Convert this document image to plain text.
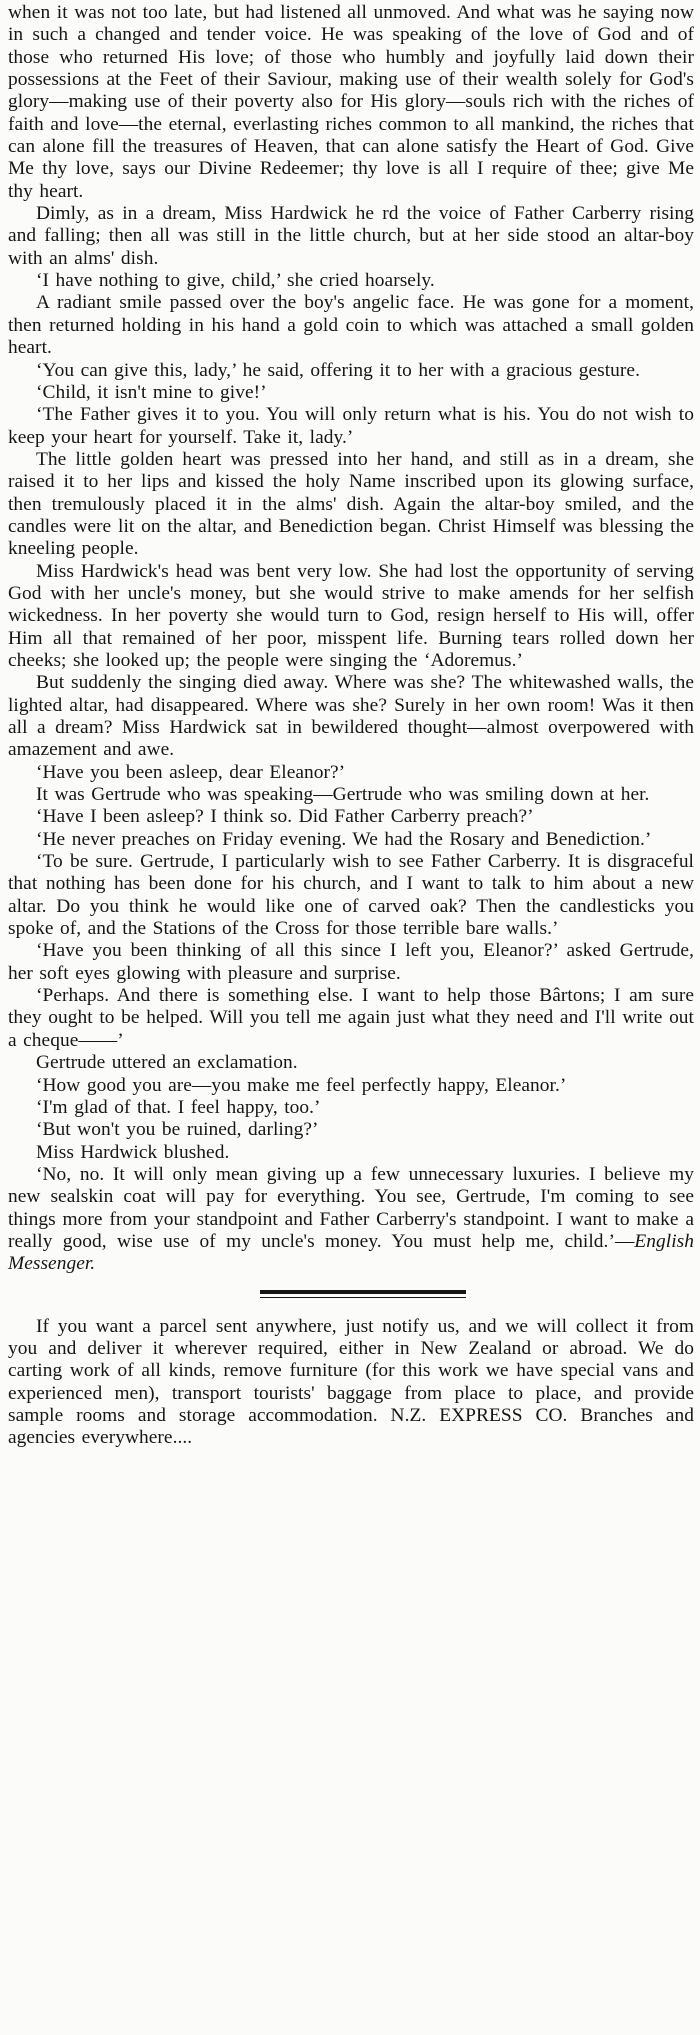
when it was not too late, but had listened all unmoved. And what was he saying now in such a changed and tender voice. He was speaking of the love of God and of those who returned His love; of those who humbly and joyfully laid down their possessions at the Feet of their Saviour, making use of their wealth solely for God's glory—making use of their poverty also for His glory—souls rich with the riches of faith and love—the eternal, everlasting riches common to all mankind, the riches that can alone fill the treasures of Heaven, that can alone satisfy the Heart of God. Give Me thy love, says our Divine Redeemer; thy love is all I require of thee; give Me thy heart.

Dimly, as in a dream, Miss Hardwick he rd the voice of Father Carberry rising and falling; then all was still in the little church, but at her side stood an altar-boy with an alms' dish.

‘I have nothing to give, child,’ she cried hoarsely.

A radiant smile passed over the boy's angelic face. He was gone for a moment, then returned holding in his hand a gold coin to which was attached a small golden heart.

‘You can give this, lady,’ he said, offering it to her with a gracious gesture.

‘Child, it isn't mine to give!’

‘The Father gives it to you. You will only return what is his. You do not wish to keep your heart for yourself. Take it, lady.’

The little golden heart was pressed into her hand, and still as in a dream, she raised it to her lips and kissed the holy Name inscribed upon its glowing surface, then tremulously placed it in the alms' dish. Again the altar-boy smiled, and the candles were lit on the altar, and Benediction began. Christ Himself was blessing the kneeling people.

Miss Hardwick's head was bent very low. She had lost the opportunity of serving God with her uncle's money, but she would strive to make amends for her selfish wickedness. In her poverty she would turn to God, resign herself to His will, offer Him all that remained of her poor, misspent life. Burning tears rolled down her cheeks; she looked up; the people were singing the ‘Adoremus.’

But suddenly the singing died away. Where was she? The whitewashed walls, the lighted altar, had disappeared. Where was she? Surely in her own room! Was it then all a dream? Miss Hardwick sat in bewildered thought—almost overpowered with amazement and awe.

‘Have you been asleep, dear Eleanor?’

It was Gertrude who was speaking—Gertrude who was smiling down at her.

‘Have I been asleep? I think so. Did Father Carberry preach?’

‘He never preaches on Friday evening. We had the Rosary and Benediction.’

‘To be sure. Gertrude, I particularly wish to see Father Carberry. It is disgraceful that nothing has been done for his church, and I want to talk to him about a new altar. Do you think he would like one of carved oak? Then the candlesticks you spoke of, and the Stations of the Cross for those terrible bare walls.’

‘Have you been thinking of all this since I left you, Eleanor?’ asked Gertrude, her soft eyes glowing with pleasure and surprise.

‘Perhaps. And there is something else. I want to help those Bârtons; I am sure they ought to be helped. Will you tell me again just what they need and I'll write out a cheque——’

Gertrude uttered an exclamation.

‘How good you are—you make me feel perfectly happy, Eleanor.’

‘I'm glad of that. I feel happy, too.’

‘But won't you be ruined, darling?’

Miss Hardwick blushed.

‘No, no. It will only mean giving up a few unnecessary luxuries. I believe my new sealskin coat will pay for everything. You see, Gertrude, I'm coming to see things more from your standpoint and Father Carberry's standpoint. I want to make a really good, wise use of my uncle's money. You must help me, child.’—English Messenger.

If you want a parcel sent anywhere, just notify us, and we will collect it from you and deliver it wherever required, either in New Zealand or abroad. We do carting work of all kinds, remove furniture (for this work we have special vans and experienced men), transport tourists' baggage from place to place, and provide sample rooms and storage accommodation. N.Z. EXPRESS CO. Branches and agencies everywhere....
